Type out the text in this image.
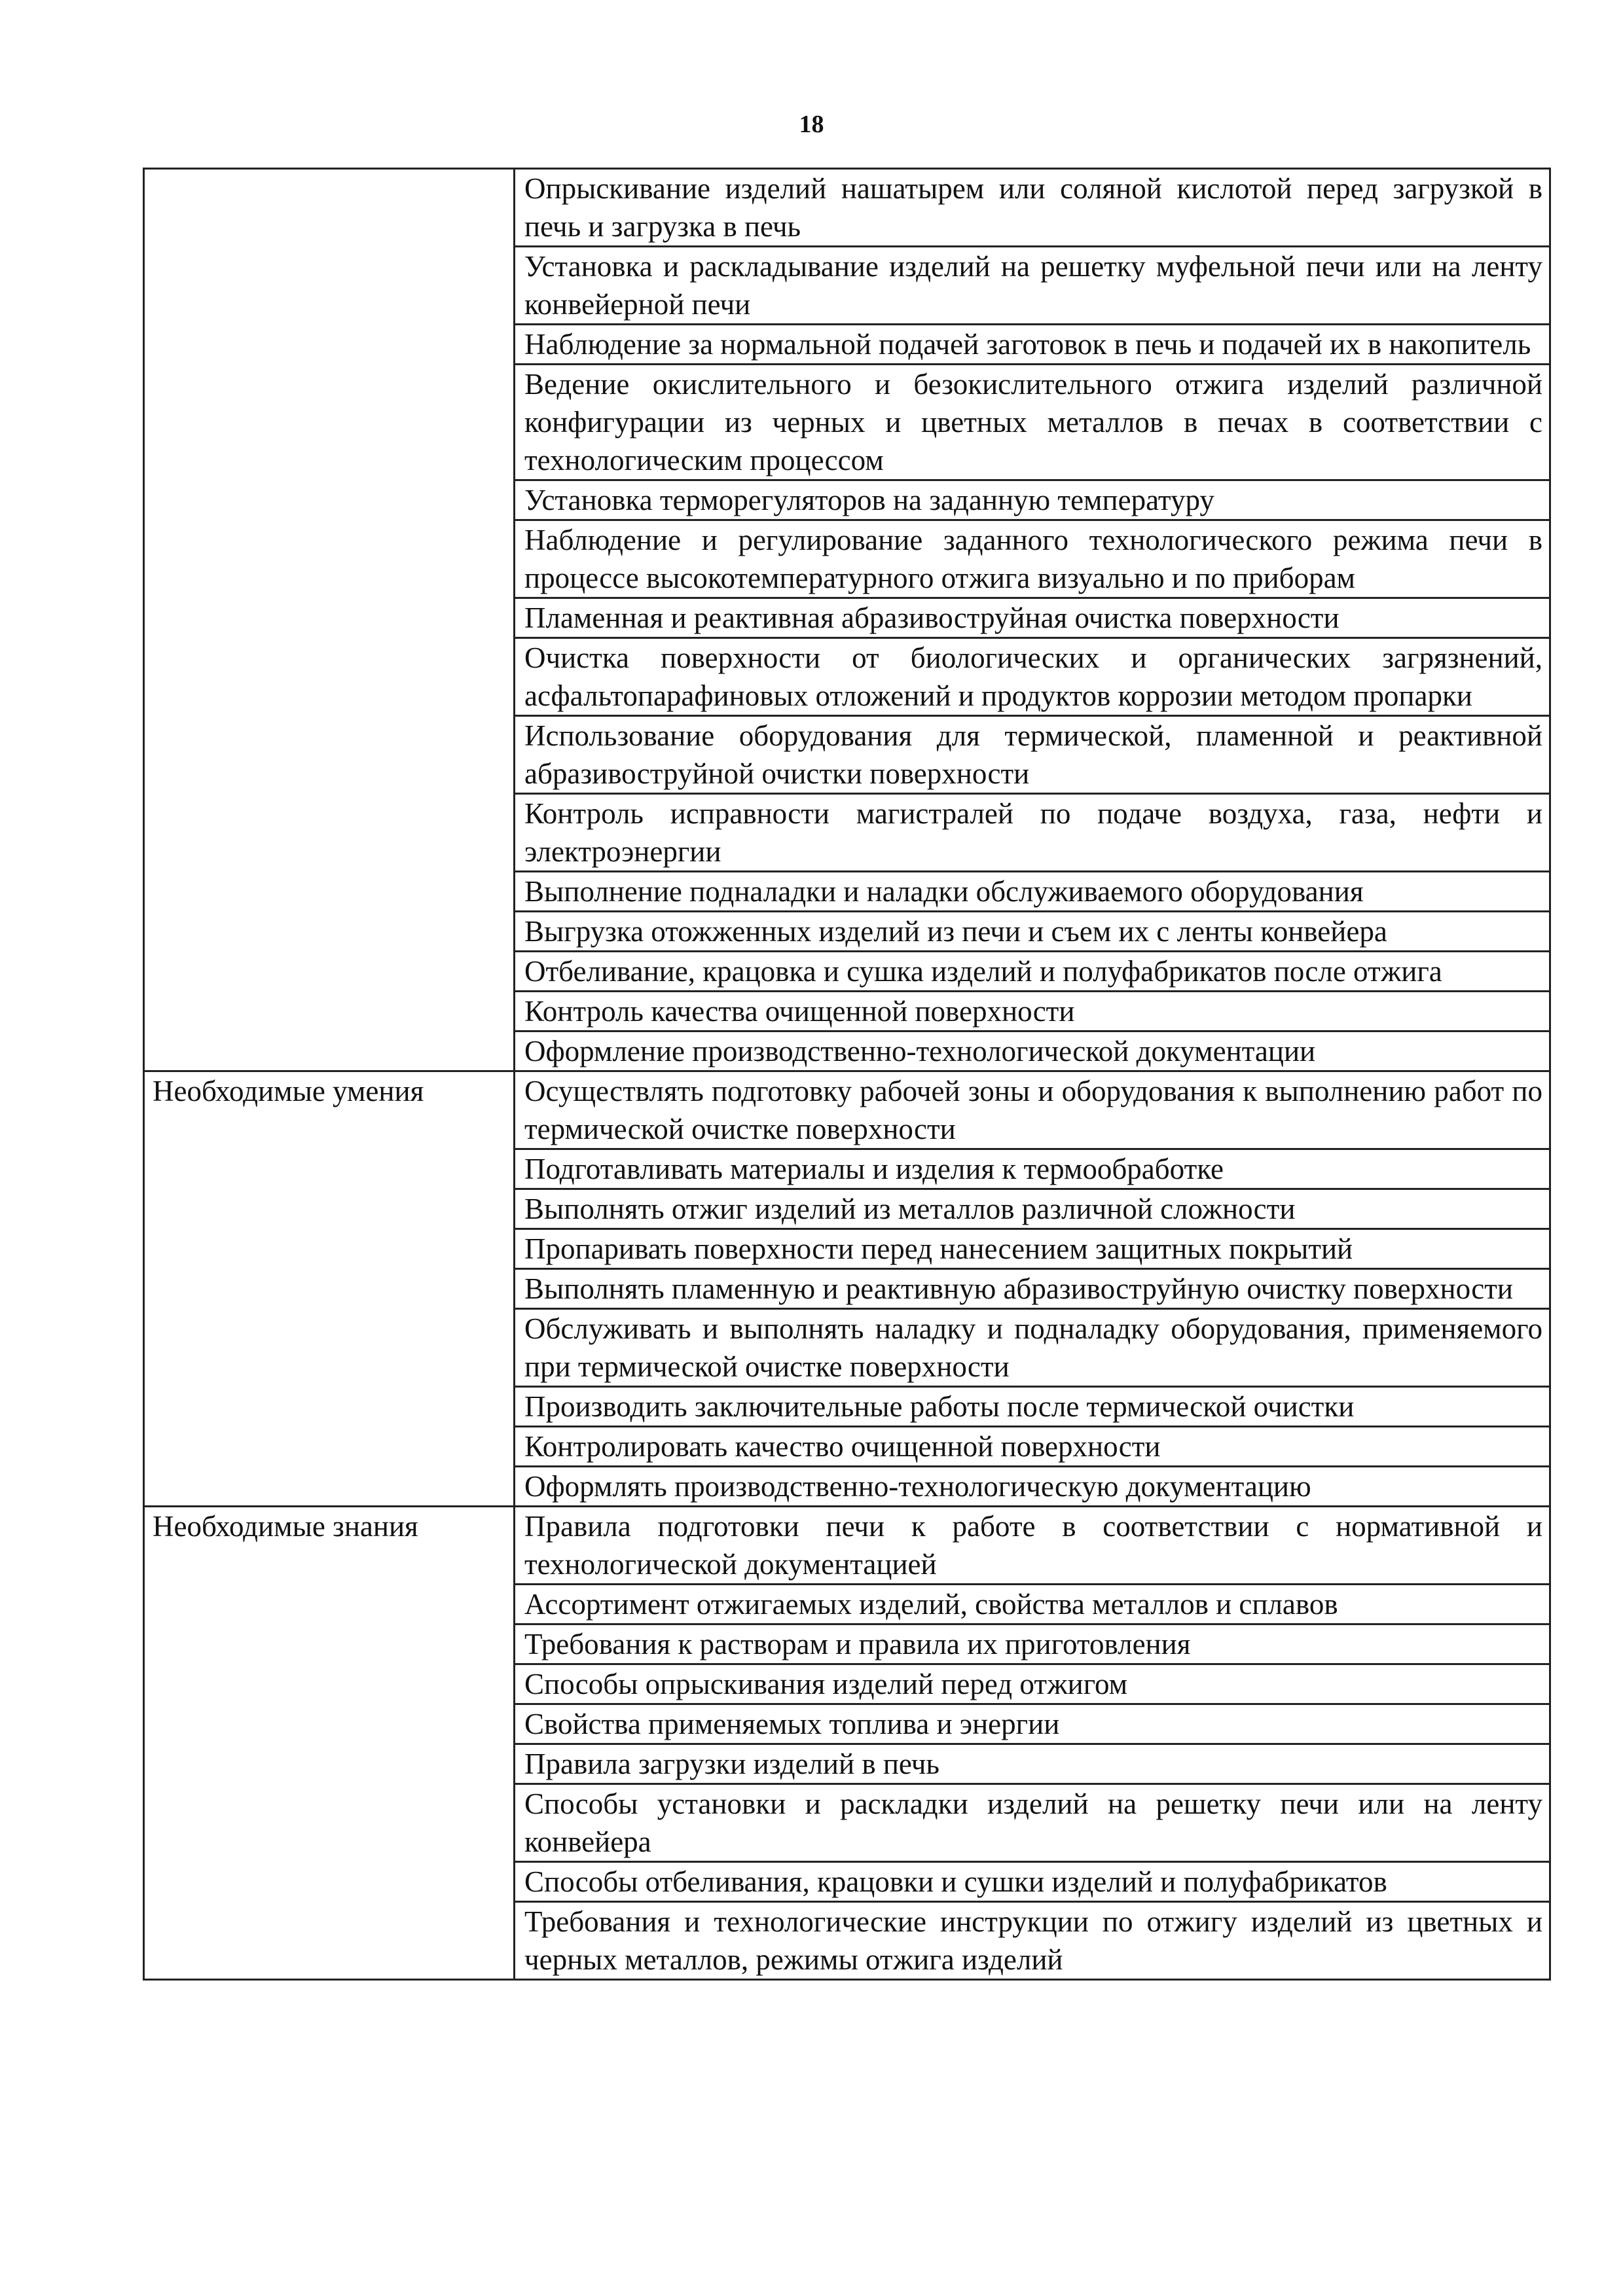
18
	Опрыскивание изделий нашатырем или соляной кислотой перед загрузкой в печь и загрузка в печь
	Установка и раскладывание изделий на решетку муфельной печи или на ленту конвейерной печи
	Наблюдение за нормальной подачей заготовок в печь и подачей их в накопитель
	Ведение окислительного и безокислительного отжига изделий различной конфигурации из черных и цветных металлов в печах в соответствии с технологическим процессом
	Установка терморегуляторов на заданную температуру
	Наблюдение и регулирование заданного технологического режима печи в процессе высокотемпературного отжига визуально и по приборам
	Пламенная и реактивная абразивоструйная очистка поверхности
	Очистка поверхности от биологических и органических загрязнений, асфальтопарафиновых отложений и продуктов коррозии методом пропарки
	Использование оборудования для термической, пламенной и реактивной абразивоструйной очистки поверхности
	Контроль исправности магистралей по подаче воздуха, газа, нефти и электроэнергии
	Выполнение подналадки и наладки обслуживаемого оборудования
	Выгрузка отожженных изделий из печи и съем их с ленты конвейера
	Отбеливание, крацовка и сушка изделий и полуфабрикатов после отжига
	Контроль качества очищенной поверхности
	Оформление производственно-технологической документации
Необходимые умения	Осуществлять подготовку рабочей зоны и оборудования к выполнению работ по термической очистке поверхности
	Подготавливать материалы и изделия к термообработке
	Выполнять отжиг изделий из металлов различной сложности
	Пропаривать поверхности перед нанесением защитных покрытий
	Выполнять пламенную и реактивную абразивоструйную очистку поверхности
	Обслуживать и выполнять наладку и подналадку оборудования, применяемого при термической очистке поверхности
	Производить заключительные работы после термической очистки
	Контролировать качество очищенной поверхности
	Оформлять производственно-технологическую документацию
Необходимые знания	Правила подготовки печи к работе в соответствии с нормативной и технологической документацией
	Ассортимент отжигаемых изделий, свойства металлов и сплавов
	Требования к растворам и правила их приготовления
	Способы опрыскивания изделий перед отжигом
	Свойства применяемых топлива и энергии
	Правила загрузки изделий в печь
	Способы установки и раскладки изделий на решетку печи или на ленту конвейера
	Способы отбеливания, крацовки и сушки изделий и полуфабрикатов
	Требования и технологические инструкции по отжигу изделий из цветных и черных металлов, режимы отжига изделий
